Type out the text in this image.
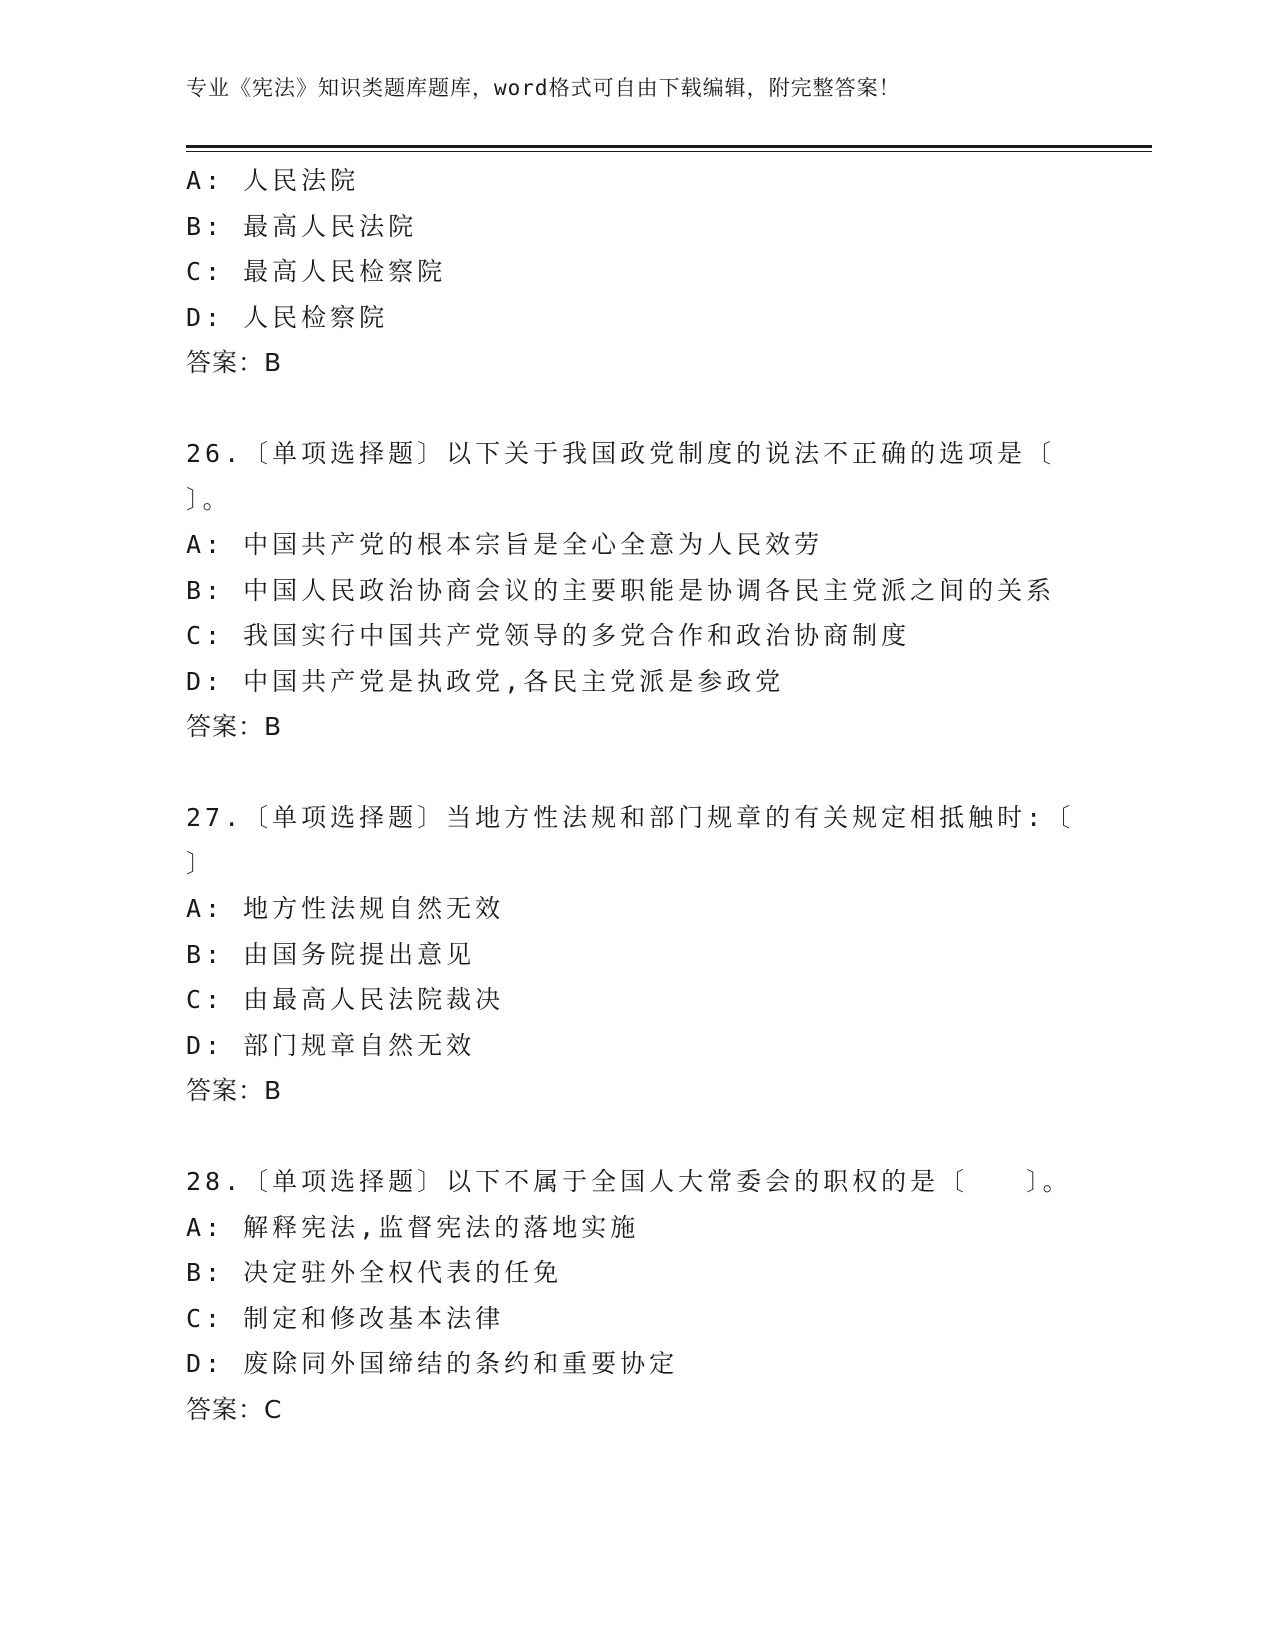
专业《宪法》知识类题库题库，word格式可自由下载编辑，附完整答案！
A: 人民法院
B: 最高人民法院
C: 最高人民检察院
D: 人民检察院
答案：B
26.〔单项选择题〕以下关于我国政党制度的说法不正确的选项是〔
〕。
A: 中国共产党的根本宗旨是全心全意为人民效劳
B: 中国人民政治协商会议的主要职能是协调各民主党派之间的关系
C: 我国实行中国共产党领导的多党合作和政治协商制度
D: 中国共产党是执政党,各民主党派是参政党
答案：B
27.〔单项选择题〕当地方性法规和部门规章的有关规定相抵触时:〔
〕
A: 地方性法规自然无效
B: 由国务院提出意见
C: 由最高人民法院裁决
D: 部门规章自然无效
答案：B
28.〔单项选择题〕以下不属于全国人大常委会的职权的是〔　　〕。
A: 解释宪法,监督宪法的落地实施
B: 决定驻外全权代表的任免
C: 制定和修改基本法律
D: 废除同外国缔结的条约和重要协定
答案：C
